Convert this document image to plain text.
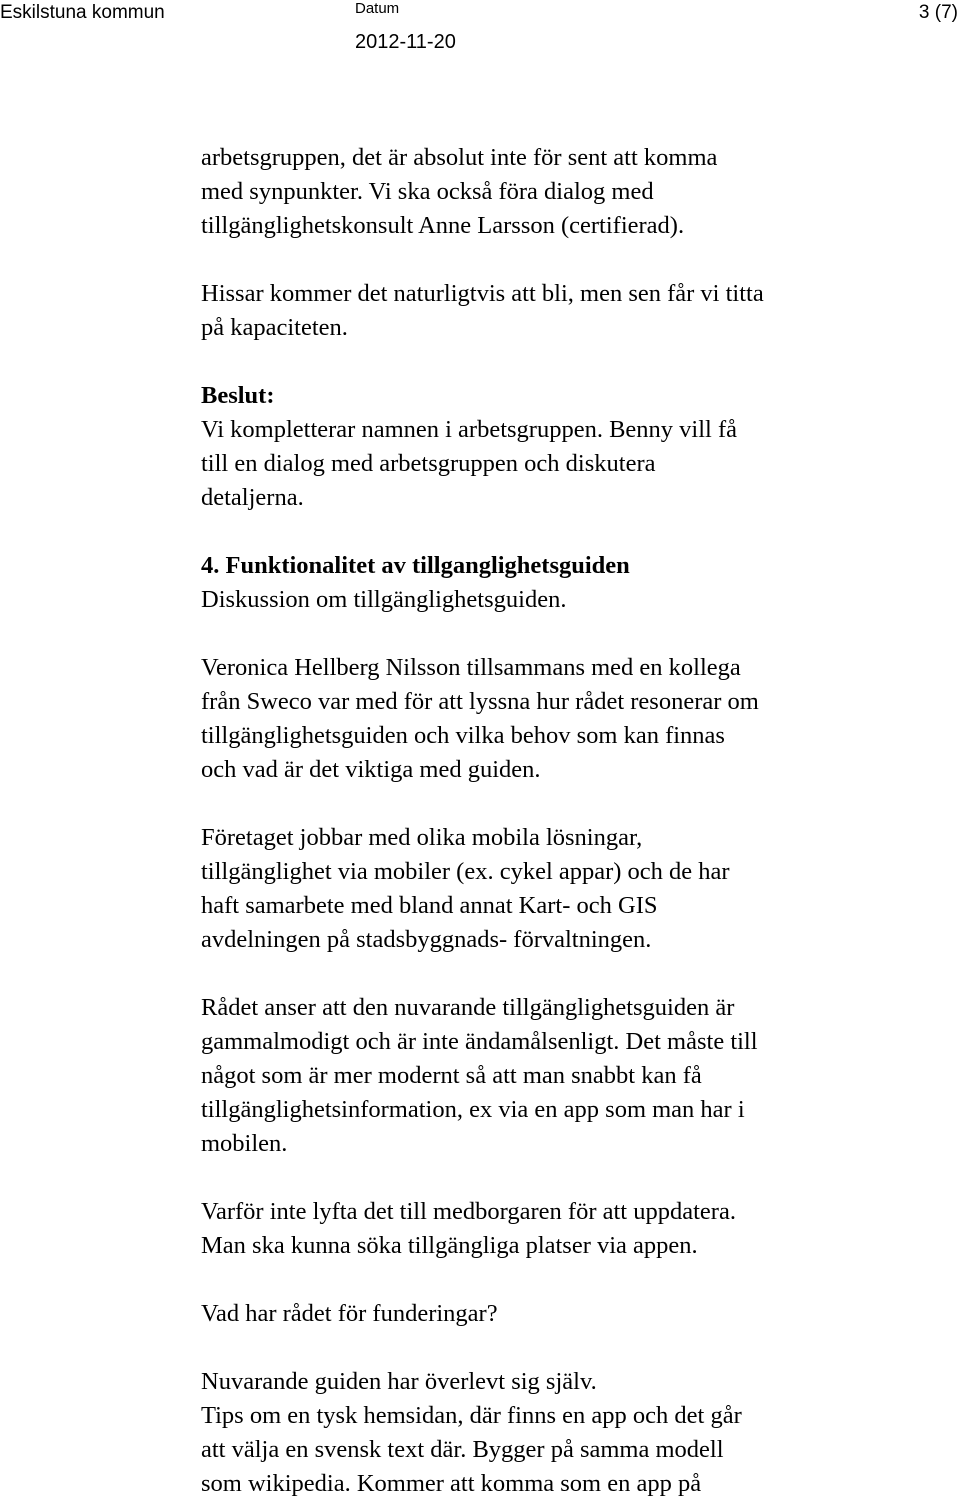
Eskilstuna kommun	Datum
2012-11-20
3 (7)

arbetsgruppen, det är absolut inte för sent att komma
med synpunkter. Vi ska också föra dialog med
tillgänglighetskonsult Anne Larsson (certifierad).

Hissar kommer det naturligtvis att bli, men sen får vi titta
på kapaciteten.

Beslut:
Vi kompletterar namnen i arbetsgruppen. Benny vill få
till en dialog med arbetsgruppen och diskutera
detaljerna.

4. Funktionalitet av tillganglighetsguiden
Diskussion om tillgänglighetsguiden.

Veronica Hellberg Nilsson tillsammans med en kollega
från Sweco var med för att lyssna hur rådet resonerar om
tillgänglighetsguiden och vilka behov som kan finnas
och vad är det viktiga med guiden.

Företaget jobbar med olika mobila lösningar,
tillgänglighet via mobiler (ex. cykel appar) och de har
haft samarbete med bland annat Kart- och GIS
avdelningen på stadsbyggnads- förvaltningen.

Rådet anser att den nuvarande tillgänglighetsguiden är
gammalmodigt och är inte ändamålsenligt. Det måste till
något som är mer modernt så att man snabbt kan få
tillgänglighetsinformation, ex via en app som man har i
mobilen.

Varför inte lyfta det till medborgaren för att uppdatera.
Man ska kunna söka tillgängliga platser via appen.

Vad har rådet för funderingar?

Nuvarande guiden har överlevt sig själv.
Tips om en tysk hemsidan, där finns en app och det går
att välja en svensk text där. Bygger på samma modell
som wikipedia. Kommer att komma som en app på
